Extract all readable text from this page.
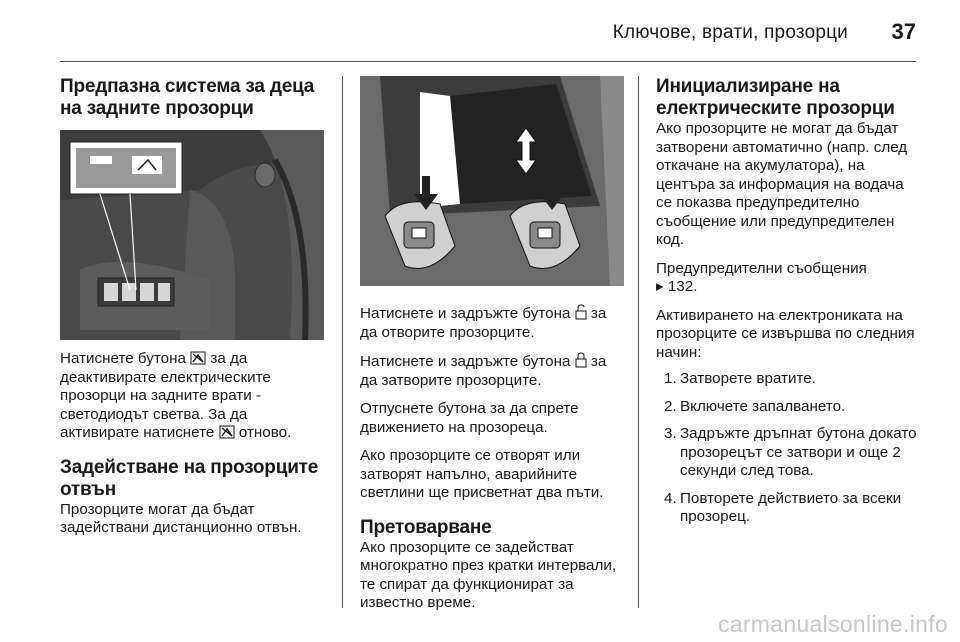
Ключове, врати, прозорци 37
Предпазна система за деца на задните прозорци

Натиснете бутона за да деактивирате електрическите прозорци на задните врати - светодиодът светва. За да активирате натиснете отново.

Задействане на прозорците отвън

Прозорците могат да бъдат задействани дистанционно отвън.

Натиснете и задръжте бутона за да отворите прозорците.

Натиснете и задръжте бутона за да затворите прозорците.

Отпуснете бутона за да спрете движението на прозореца.

Ако прозорците се отворят или затворят напълно, аварийните светлини ще присветнат два пъти.

Претоварване

Ако прозорците се задействат многократно през кратки интервали, те спират да функционират за известно време.

Инициализиране на електрическите прозорци

Ако прозорците не могат да бъдат затворени автоматично (напр. след откачане на акумулатора), на центъра за информация на водача се показва предупредително съобщение или предупредителен код.

Предупредителни съобщения
▸ 132.

Активирането на електрониката на прозорците се извършва по следния начин:

1. Затворете вратите.
2. Включете запалването.
3. Задръжте дръпнат бутона докато прозорецът се затвори и още 2 секунди след това.
4. Повторете действието за всеки прозорец.
carmanualsonline.info
